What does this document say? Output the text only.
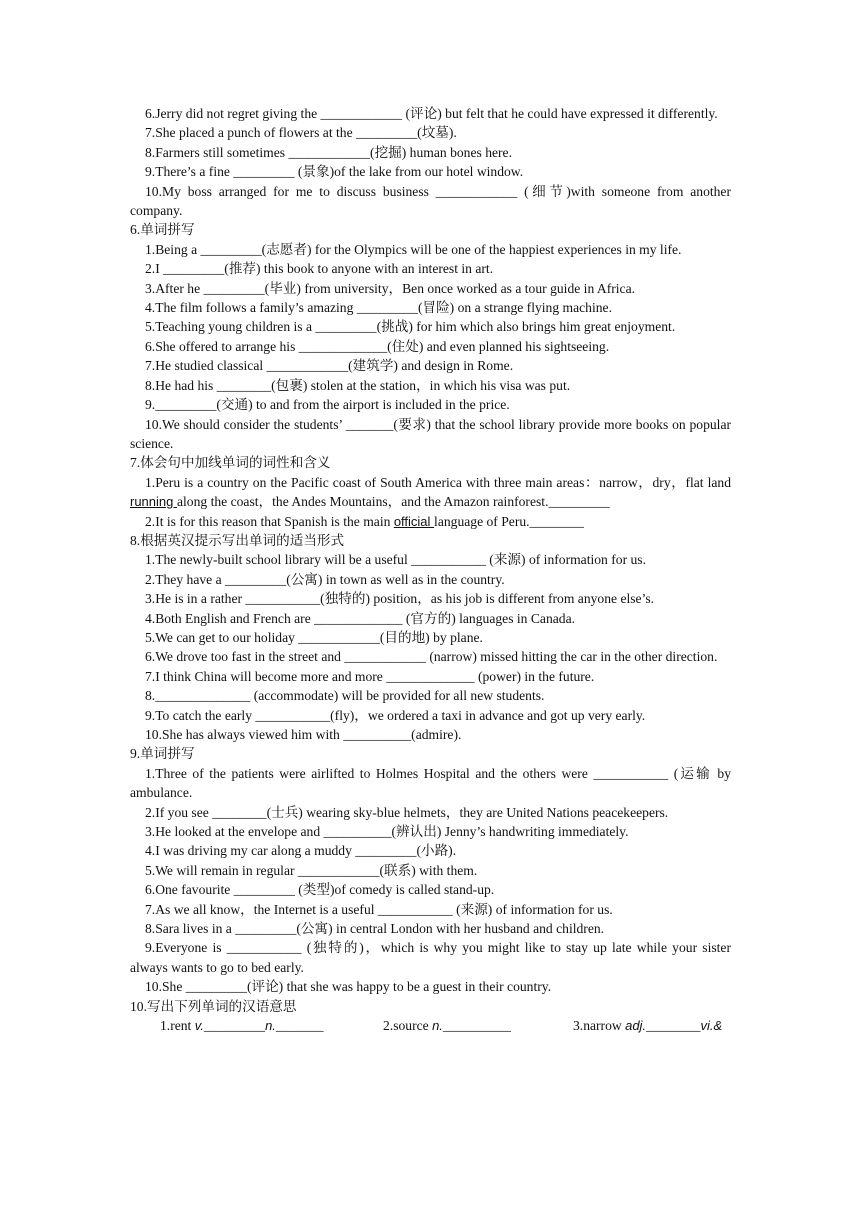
6.Jerry did not regret giving the ____________ (评论) but felt that he could have expressed it differently.

7.She placed a punch of flowers at the _________(坟墓).

8.Farmers still sometimes ____________(挖掘) human bones here.

9.There’s a fine _________ (景象)of the lake from our hotel window.

10.My boss arranged for me to discuss business ____________ (细节)with someone from another company.

6.单词拼写

1.Being a _________(志愿者) for the Olympics will be one of the happiest experiences in my life.

2.I _________(推荐) this book to anyone with an interest in art.

3.After he _________(毕业) from university，Ben once worked as a tour guide in Africa.

4.The film follows a family’s amazing _________(冒险) on a strange flying machine.

5.Teaching young children is a _________(挑战) for him which also brings him great enjoyment.

6.She offered to arrange his _____________(住处) and even planned his sightseeing.

7.He studied classical ____________(建筑学) and design in Rome.

8.He had his ________(包裹) stolen at the station，in which his visa was put.

9._________(交通) to and from the airport is included in the price.

10.We should consider the students’ _______(要求) that the school library provide more books on popular science.

7.体会句中加线单词的词性和含义

1.Peru is a country on the Pacific coast of South America with three main areas：narrow，dry，flat land running along the coast，the Andes Mountains，and the Amazon rainforest._________

2.It is for this reason that Spanish is the main official language of Peru.________

8.根据英汉提示写出单词的适当形式

1.The newly-built school library will be a useful ___________ (来源) of information for us.

2.They have a _________(公寓) in town as well as in the country.

3.He is in a rather ___________(独特的) position，as his job is different from anyone else’s.

4.Both English and French are _____________ (官方的) languages in Canada.

5.We can get to our holiday ____________(目的地) by plane.

6.We drove too fast in the street and ____________ (narrow) missed hitting the car in the other direction.

7.I think China will become more and more _____________ (power) in the future.

8.______________ (accommodate) will be provided for all new students.

9.To catch the early ___________(fly)，we ordered a taxi in advance and got up very early.

10.She has always viewed him with __________(admire).

9.单词拼写

1.Three of the patients were airlifted to Holmes Hospital and the others were ___________ (运输 by ambulance.

2.If you see ________(士兵) wearing sky-blue helmets，they are United Nations peacekeepers.

3.He looked at the envelope and __________(辨认出) Jenny’s handwriting immediately.

4.I was driving my car along a muddy _________(小路).

5.We will remain in regular ____________(联系) with them.

6.One favourite _________ (类型)of comedy is called stand-up.

7.As we all know，the Internet is a useful ___________ (来源) of information for us.

8.Sara lives in a _________(公寓) in central London with her husband and children.

9.Everyone is ___________ (独特的)，which is why you might like to stay up late while your sister always wants to go to bed early.

10.She _________(评论) that she was happy to be a guest in their country.

10.写出下列单词的汉语意思

1.rent v._________n._______	2.source n.__________	3.narrow adj.________vi.&
